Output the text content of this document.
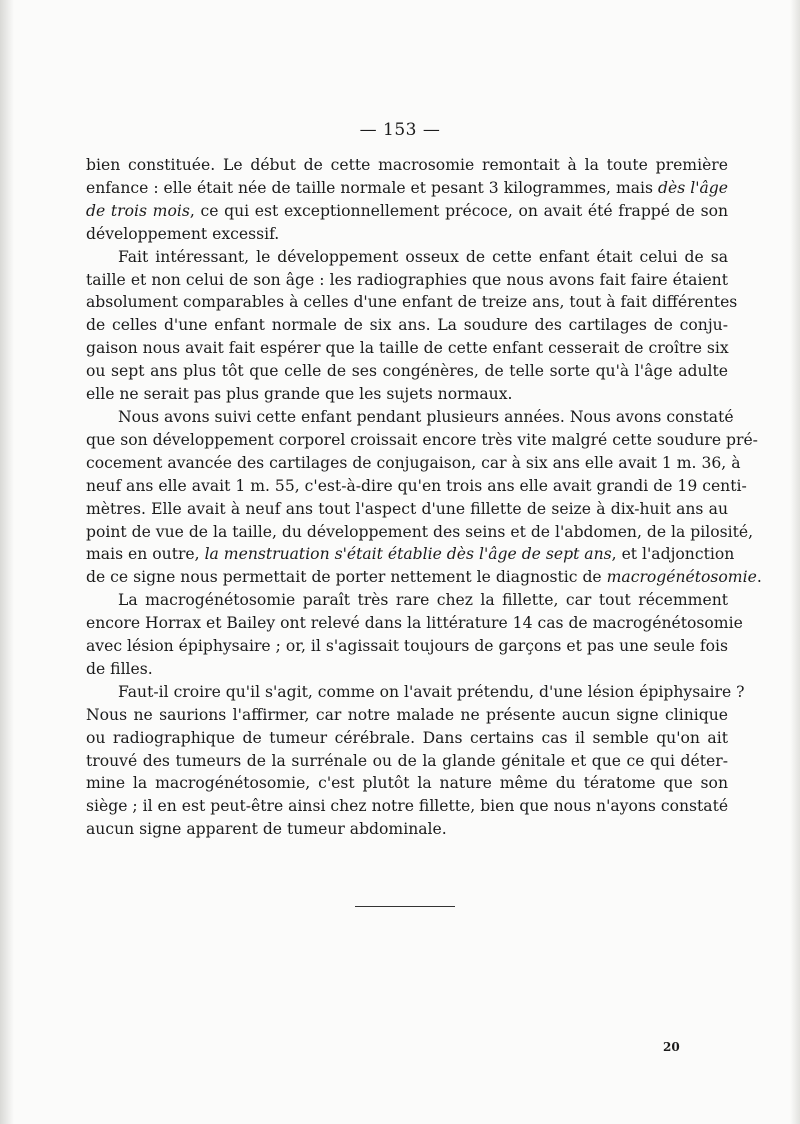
— 153 —
bien constituée. Le début de cette macrosomie remontait à la toute première
enfance : elle était née de taille normale et pesant 3 kilogrammes, mais dès l'âge
de trois mois, ce qui est exceptionnellement précoce, on avait été frappé de son
développement excessif.
Fait intéressant, le développement osseux de cette enfant était celui de sa
taille et non celui de son âge : les radiographies que nous avons fait faire étaient
absolument comparables à celles d'une enfant de treize ans, tout à fait différentes
de celles d'une enfant normale de six ans. La soudure des cartilages de conju-
gaison nous avait fait espérer que la taille de cette enfant cesserait de croître six
ou sept ans plus tôt que celle de ses congénères, de telle sorte qu'à l'âge adulte
elle ne serait pas plus grande que les sujets normaux.
Nous avons suivi cette enfant pendant plusieurs années. Nous avons constaté
que son développement corporel croissait encore très vite malgré cette soudure pré-
cocement avancée des cartilages de conjugaison, car à six ans elle avait 1 m. 36, à
neuf ans elle avait 1 m. 55, c'est-à-dire qu'en trois ans elle avait grandi de 19 centi-
mètres. Elle avait à neuf ans tout l'aspect d'une fillette de seize à dix-huit ans au
point de vue de la taille, du développement des seins et de l'abdomen, de la pilosité,
mais en outre, la menstruation s'était établie dès l'âge de sept ans, et l'adjonction
de ce signe nous permettait de porter nettement le diagnostic de macrogénétosomie.
La macrogénétosomie paraît très rare chez la fillette, car tout récemment
encore Horrax et Bailey ont relevé dans la littérature 14 cas de macrogénétosomie
avec lésion épiphysaire ; or, il s'agissait toujours de garçons et pas une seule fois
de filles.
Faut-il croire qu'il s'agit, comme on l'avait prétendu, d'une lésion épiphysaire ?
Nous ne saurions l'affirmer, car notre malade ne présente aucun signe clinique
ou radiographique de tumeur cérébrale. Dans certains cas il semble qu'on ait
trouvé des tumeurs de la surrénale ou de la glande génitale et que ce qui déter-
mine la macrogénétosomie, c'est plutôt la nature même du tératome que son
siège ; il en est peut-être ainsi chez notre fillette, bien que nous n'ayons constaté
aucun signe apparent de tumeur abdominale.
20
